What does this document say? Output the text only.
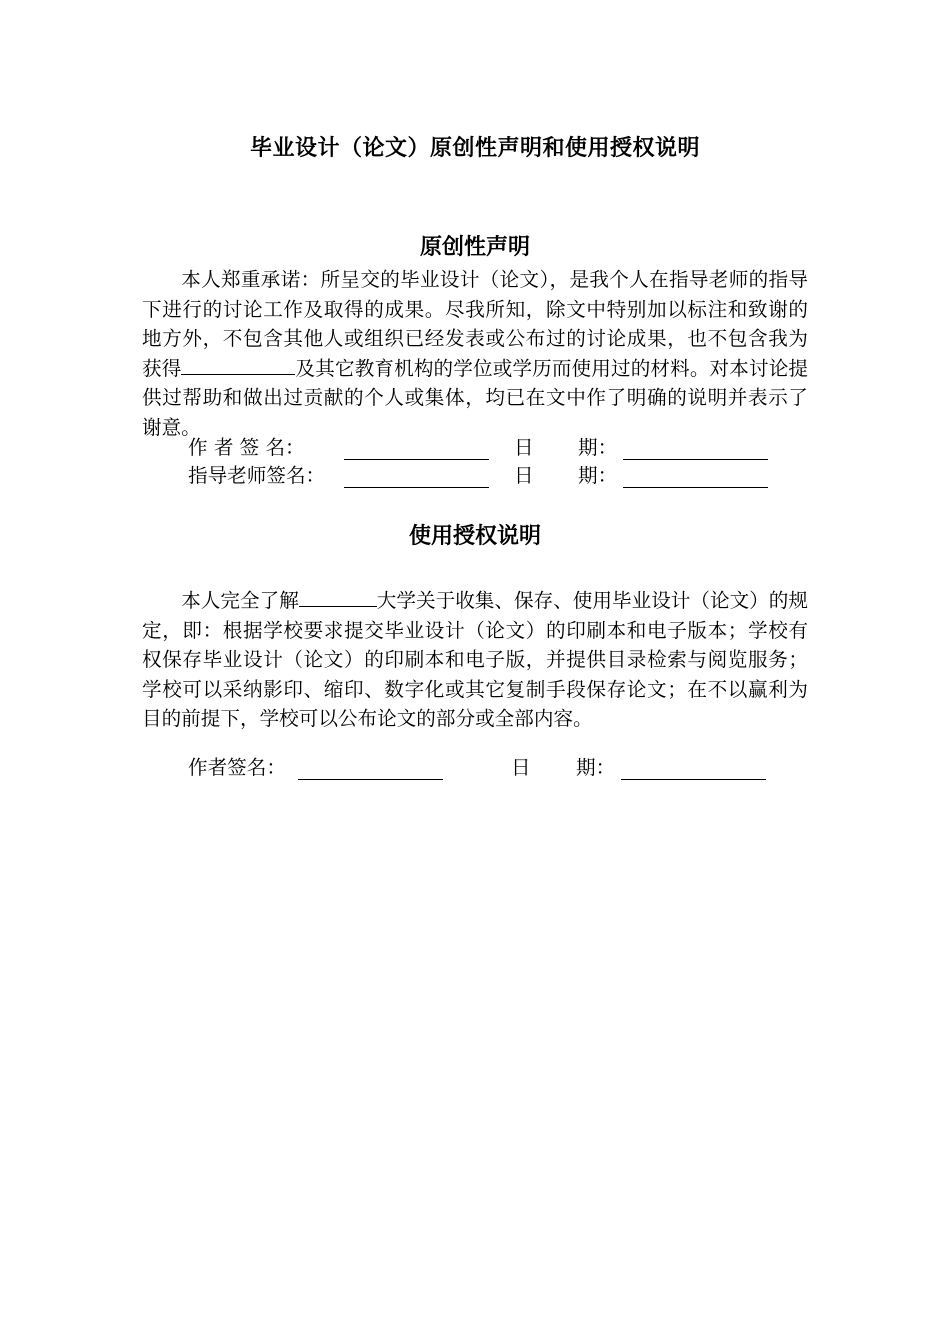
毕业设计（论文）原创性声明和使用授权说明
原创性声明

本人郑重承诺：所呈交的毕业设计（论文），是我个人在指导老师的指导下进行的讨论工作及取得的成果。尽我所知，除文中特别加以标注和致谢的地方外，不包含其他人或组织已经发表或公布过的讨论成果，也不包含我为获得	及其它教育机构的学位或学历而使用过的材料。对本讨论提供过帮助和做出过贡献的个人或集体，均已在文中作了明确的说明并表示了谢意。

作 者 签 名：	日 期：
指导老师签名：	日 期：
使用授权说明

本人完全了解	大学关于收集、保存、使用毕业设计（论文）的规定，即：根据学校要求提交毕业设计（论文）的印刷本和电子版本；学校有权保存毕业设计（论文）的印刷本和电子版，并提供目录检索与阅览服务；学校可以采纳影印、缩印、数字化或其它复制手段保存论文；在不以赢利为目的前提下，学校可以公布论文的部分或全部内容。

作者签名：	日 期：
